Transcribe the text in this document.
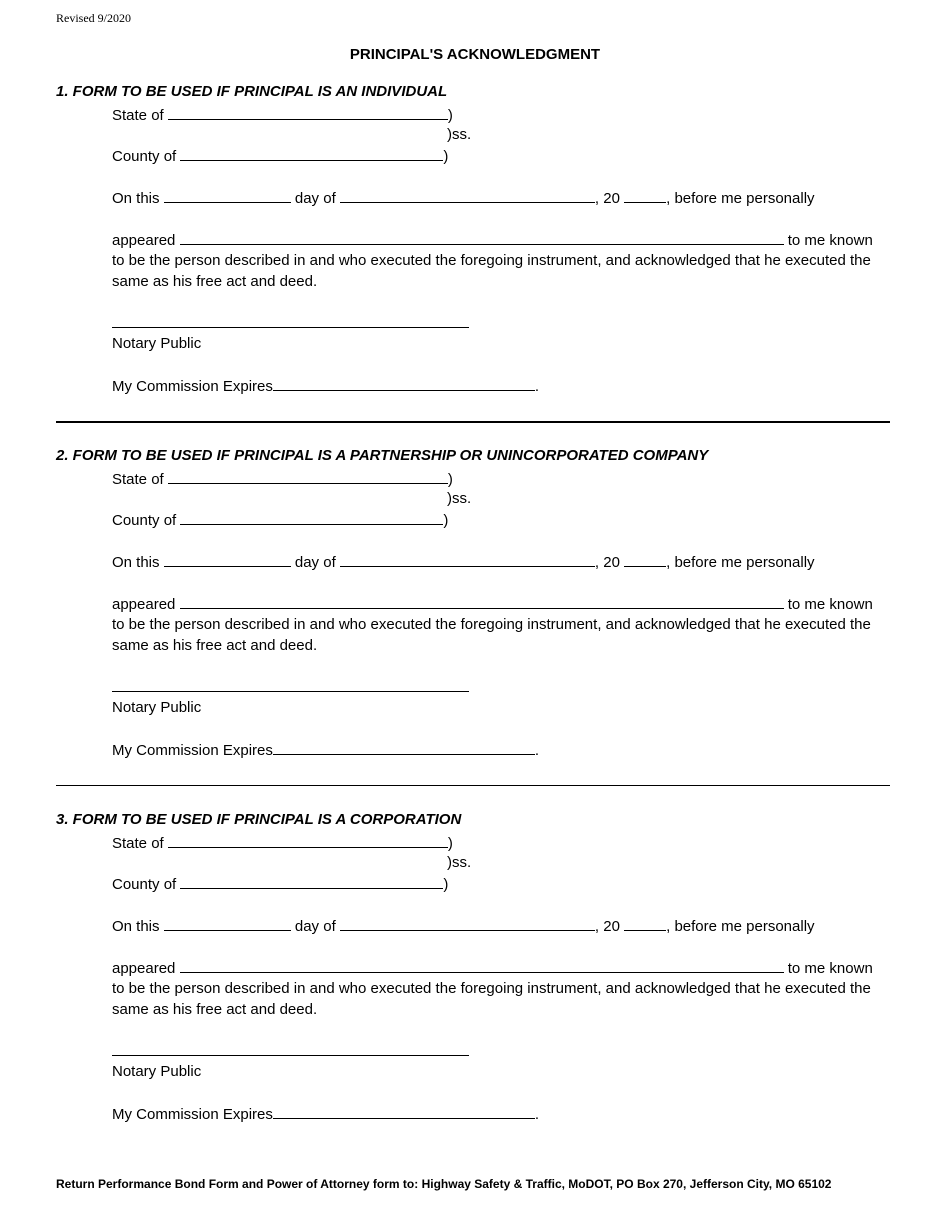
Revised 9/2020
PRINCIPAL'S ACKNOWLEDGMENT
1. FORM TO BE USED IF PRINCIPAL IS AN INDIVIDUAL
State of	)
)ss.
County of	)
On this	day of	, 20	, before me personally
appeared	to me known
to be the person described in and who executed the foregoing instrument, and acknowledged that he executed the same as his free act and deed.
Notary Public
My Commission Expires	.
2. FORM TO BE USED IF PRINCIPAL IS A PARTNERSHIP OR UNINCORPORATED COMPANY
State of	)
)ss.
County of	)
On this	day of	, 20	, before me personally
appeared	to me known
to be the person described in and who executed the foregoing instrument, and acknowledged that he executed the same as his free act and deed.
Notary Public
My Commission Expires	.
3. FORM TO BE USED IF PRINCIPAL IS A CORPORATION
State of	)
)ss.
County of	)
On this	day of	, 20	, before me personally
appeared	to me known
to be the person described in and who executed the foregoing instrument, and acknowledged that he executed the same as his free act and deed.
Notary Public
My Commission Expires	.
Return Performance Bond Form and Power of Attorney form to: Highway Safety & Traffic, MoDOT, PO Box 270, Jefferson City, MO 65102
